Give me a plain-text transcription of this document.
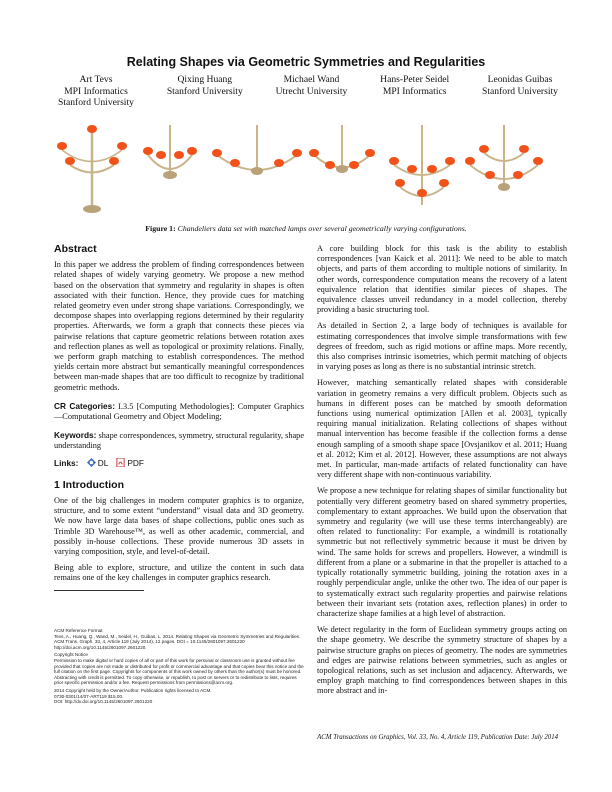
Relating Shapes via Geometric Symmetries and Regularities
Art Tevs
MPI Informatics
Stanford University
Qixing Huang
Stanford University
Michael Wand
Utrecht University
Hans-Peter Seidel
MPI Informatics
Leonidas Guibas
Stanford University
Figure 1: Chandeliers data set with matched lamps over several geometrically varying configurations.
Abstract

In this paper we address the problem of finding correspondences between related shapes of widely varying geometry. We propose a new method based on the observation that symmetry and regularity in shapes is often associated with their function. Hence, they provide cues for matching related geometry even under strong shape variations. Correspondingly, we decompose shapes into overlapping regions determined by their regularity properties. Afterwards, we form a graph that connects these pieces via pairwise relations that capture geometric relations between rotation axes and reflection planes as well as topological or proximity relations. Finally, we perform graph matching to establish correspondences. The method yields certain more abstract but semantically meaningful correspondences between man-made shapes that are too difficult to recognize by traditional geometric methods.

CR Categories: I.3.5 [Computing Methodologies]: Computer Graphics—Computational Geometry and Object Modeling;

Keywords: shape correspondences, symmetry, structural regularity, shape understanding

Links: DL PDF

1 Introduction

One of the big challenges in modern computer graphics is to organize, structure, and to some extent “understand” visual data and 3D geometry. We now have large data bases of shape collections, public ones such as Trimble 3D Warehouse™, as well as other academic, commercial, and possibly in-house collections. These provide numerous 3D assets in varying composition, style, and level-of-detail.

Being able to explore, structure, and utilize the content in such data remains one of the key challenges in computer graphics research.

ACM Reference Format
Tevs, A., Huang, Q., Wand, M., Seidel, H., Guibas, L. 2014. Relating Shapes via Geometric Symmetries and Regularities. ACM Trans. Graph. 33, 4, Article 119 (July 2014), 12 pages. DOI = 10.1145/2601097.2601220 http://doi.acm.org/10.1145/2601097.2601220.
Copyright Notice
Permission to make digital or hard copies of all or part of this work for personal or classroom use is granted without fee provided that copies are not made or distributed for profit or commercial advantage and that copies bear this notice and the full citation on the first page. Copyrights for components of this work owned by others than the author(s) must be honored. Abstracting with credit is permitted. To copy otherwise, or republish, to post on servers or to redistribute to lists, requires prior specific permission and/or a fee. Request permissions from permissions@acm.org.
2014 Copyright held by the Owner/Author. Publication rights licensed to ACM.
0730-0301/14/07-ART119 $15.00.
DOI: http://dx.doi.org/10.1145/2601097.2601220

A core building block for this task is the ability to establish correspondences [van Kaick et al. 2011]: We need to be able to match objects, and parts of them according to multiple notions of similarity. In other words, correspondence computation means the recovery of a latent equivalence relation that identifies similar pieces of shapes. The equivalence classes unveil redundancy in a model collection, thereby providing a basic structuring tool.

As detailed in Section 2, a large body of techniques is available for estimating correspondences that involve simple transformations with few degrees of freedom, such as rigid motions or affine maps. More recently, this also comprises intrinsic isometries, which permit matching of objects in varying poses as long as there is no substantial intrinsic stretch.

However, matching semantically related shapes with considerable variation in geometry remains a very difficult problem. Objects such as humans in different poses can be matched by smooth deformation functions using numerical optimization [Allen et al. 2003], typically requiring manual initialization. Relating collections of shapes without manual intervention has become feasible if the collection forms a dense enough sampling of a smooth shape space [Ovsjanikov et al. 2011; Huang et al. 2012; Kim et al. 2012]. However, these assumptions are not always met. In particular, man-made artifacts of related functionality can have very different shape with non-continuous variability.

We propose a new technique for relating shapes of similar functionality but potentially very different geometry based on shared symmetry properties, complementary to extant approaches. We build upon the observation that symmetry and regularity (we will use these terms interchangeably) are often related to functionality: For example, a windmill is rotationally symmetric but not reflectively symmetric because it must be driven by wind. The same holds for screws and propellers. However, a windmill is different from a plane or a submarine in that the propeller is attached to a typically rotationally symmetric building, joining the rotation axes in a roughly perpendicular angle, unlike the other two. The idea of our paper is to systematically extract such regularity properties and pairwise relations between their invariant sets (rotation axes, reflection planes) in order to characterize shape families at a high level of abstraction.

We detect regularity in the form of Euclidean symmetry groups acting on the shape geometry. We describe the symmetry structure of shapes by a pairwise structure graphs on pieces of geometry. The nodes are symmetries and edges are pairwise relations between symmetries, such as angles or topological relations, such as set inclusion and adjacency. Afterwards, we employ graph matching to find correspondences between shapes in this more abstract and in-

ACM Transactions on Graphics, Vol. 33, No. 4, Article 119, Publication Date: July 2014
